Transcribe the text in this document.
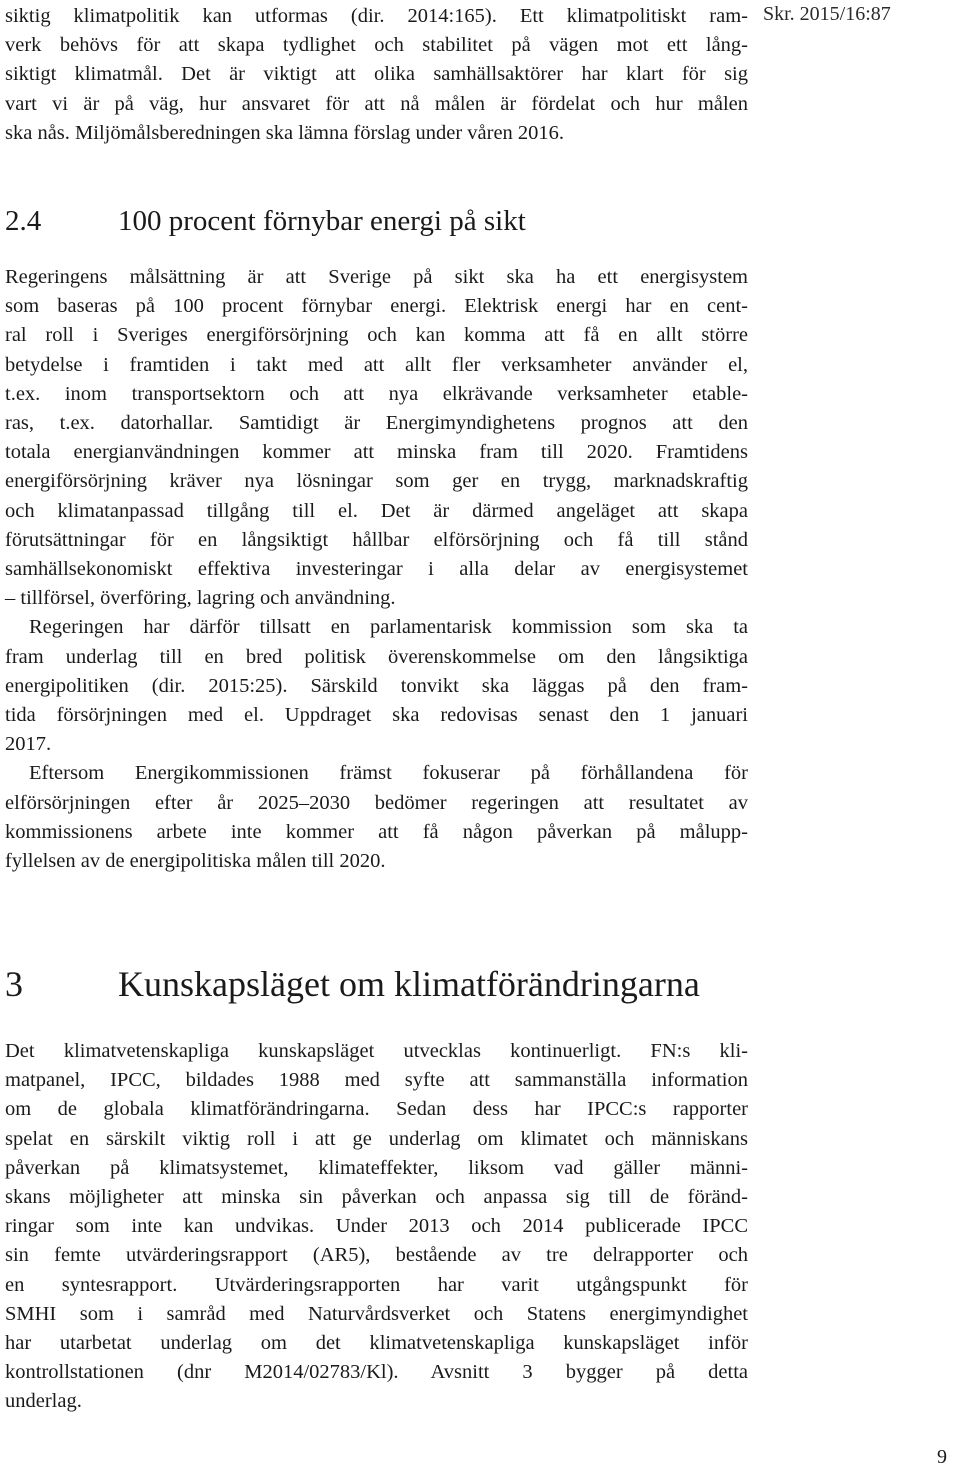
Skr. 2015/16:87

siktig klimatpolitik kan utformas (dir. 2014:165). Ett klimatpolitiskt ram-
verk behövs för att skapa tydlighet och stabilitet på vägen mot ett lång-
siktigt klimatmål. Det är viktigt att olika samhällsaktörer har klart för sig
vart vi är på väg, hur ansvaret för att nå målen är fördelat och hur målen
ska nås. Miljömålsberedningen ska lämna förslag under våren 2016.

2.4	100 procent förnybar energi på sikt

Regeringens målsättning är att Sverige på sikt ska ha ett energisystem
som baseras på 100 procent förnybar energi. Elektrisk energi har en cent-
ral roll i Sveriges energiförsörjning och kan komma att få en allt större
betydelse i framtiden i takt med att allt fler verksamheter använder el,
t.ex. inom transportsektorn och att nya elkrävande verksamheter etable-
ras, t.ex. datorhallar. Samtidigt är Energimyndighetens prognos att den
totala energianvändningen kommer att minska fram till 2020. Framtidens
energiförsörjning kräver nya lösningar som ger en trygg, marknadskraftig
och klimatanpassad tillgång till el. Det är därmed angeläget att skapa
förutsättningar för en långsiktigt hållbar elförsörjning och få till stånd
samhällsekonomiskt effektiva investeringar i alla delar av energisystemet
– tillförsel, överföring, lagring och användning.

Regeringen har därför tillsatt en parlamentarisk kommission som ska ta
fram underlag till en bred politisk överenskommelse om den långsiktiga
energipolitiken (dir. 2015:25). Särskild tonvikt ska läggas på den fram-
tida försörjningen med el. Uppdraget ska redovisas senast den 1 januari
2017.

Eftersom Energikommissionen främst fokuserar på förhållandena för
elförsörjningen efter år 2025–2030 bedömer regeringen att resultatet av
kommissionens arbete inte kommer att få någon påverkan på målupp-
fyllelsen av de energipolitiska målen till 2020.

3	Kunskapsläget om klimatförändringarna

Det klimatvetenskapliga kunskapsläget utvecklas kontinuerligt. FN:s kli-
matpanel, IPCC, bildades 1988 med syfte att sammanställa information
om de globala klimatförändringarna. Sedan dess har IPCC:s rapporter
spelat en särskilt viktig roll i att ge underlag om klimatet och människans
påverkan på klimatsystemet, klimateffekter, liksom vad gäller männi-
skans möjligheter att minska sin påverkan och anpassa sig till de föränd-
ringar som inte kan undvikas. Under 2013 och 2014 publicerade IPCC
sin femte utvärderingsrapport (AR5), bestående av tre delrapporter och
en syntesrapport. Utvärderingsrapporten har varit utgångspunkt för
SMHI som i samråd med Naturvårdsverket och Statens energimyndighet
har utarbetat underlag om det klimatvetenskapliga kunskapsläget inför
kontrollstationen (dnr M2014/02783/Kl). Avsnitt 3 bygger på detta
underlag.

9
